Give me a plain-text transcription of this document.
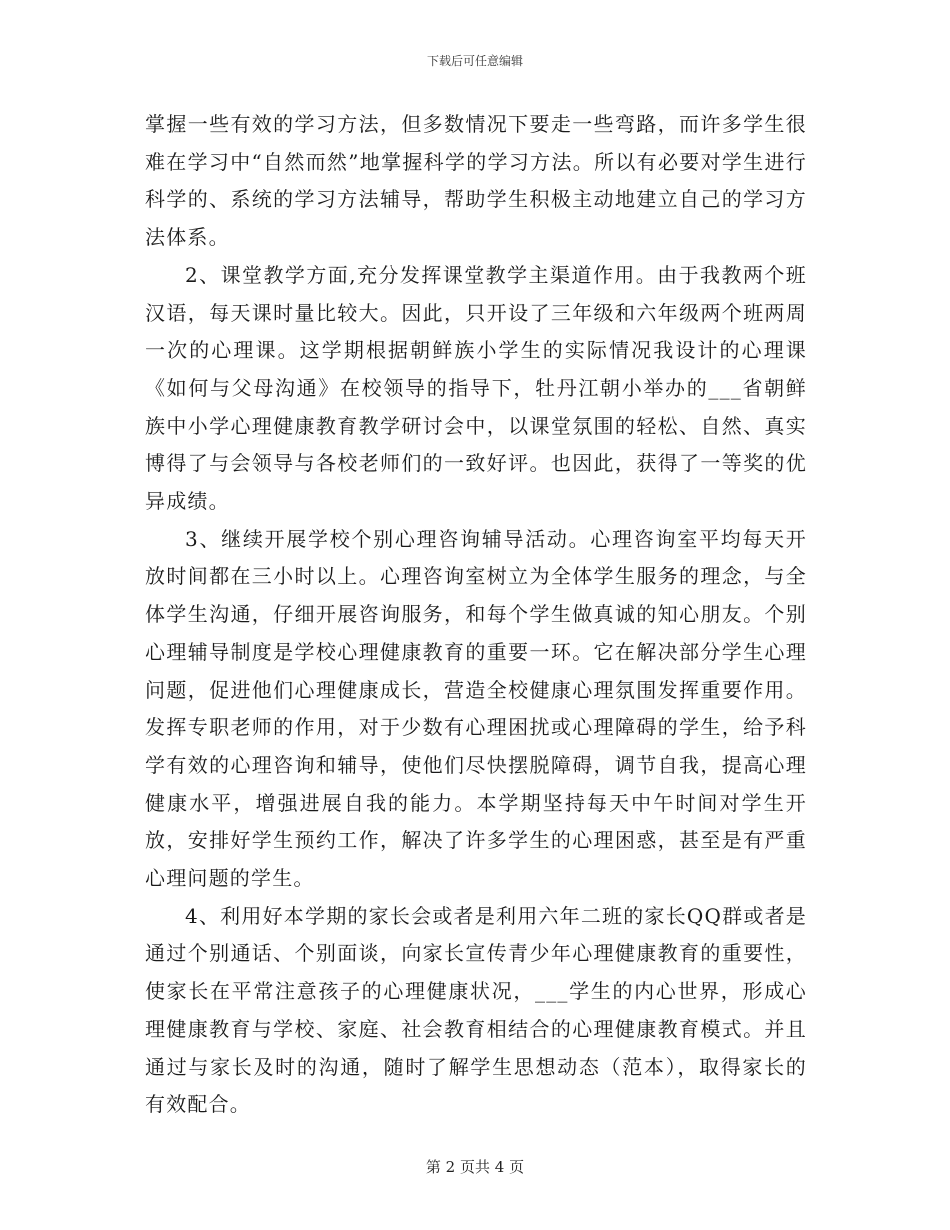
下载后可任意编辑

掌握一些有效的学习方法，但多数情况下要走一些弯路，而许多学生很难在学习中“自然而然”地掌握科学的学习方法。所以有必要对学生进行科学的、系统的学习方法辅导，帮助学生积极主动地建立自己的学习方法体系。

2、课堂教学方面,充分发挥课堂教学主渠道作用。由于我教两个班汉语，每天课时量比较大。因此，只开设了三年级和六年级两个班两周一次的心理课。这学期根据朝鲜族小学生的实际情况我设计的心理课《如何与父母沟通》在校领导的指导下，牡丹江朝小举办的___省朝鲜族中小学心理健康教育教学研讨会中，以课堂氛围的轻松、自然、真实博得了与会领导与各校老师们的一致好评。也因此，获得了一等奖的优异成绩。

3、继续开展学校个别心理咨询辅导活动。心理咨询室平均每天开放时间都在三小时以上。心理咨询室树立为全体学生服务的理念，与全体学生沟通，仔细开展咨询服务，和每个学生做真诚的知心朋友。个别心理辅导制度是学校心理健康教育的重要一环。它在解决部分学生心理问题，促进他们心理健康成长，营造全校健康心理氛围发挥重要作用。发挥专职老师的作用，对于少数有心理困扰或心理障碍的学生，给予科学有效的心理咨询和辅导，使他们尽快摆脱障碍，调节自我，提高心理健康水平，增强进展自我的能力。本学期坚持每天中午时间对学生开放，安排好学生预约工作，解决了许多学生的心理困惑，甚至是有严重心理问题的学生。

4、利用好本学期的家长会或者是利用六年二班的家长QQ群或者是通过个别通话、个别面谈，向家长宣传青少年心理健康教育的重要性，使家长在平常注意孩子的心理健康状况，___学生的内心世界，形成心理健康教育与学校、家庭、社会教育相结合的心理健康教育模式。并且通过与家长及时的沟通，随时了解学生思想动态（范本），取得家长的有效配合。

第 2 页共 4 页
